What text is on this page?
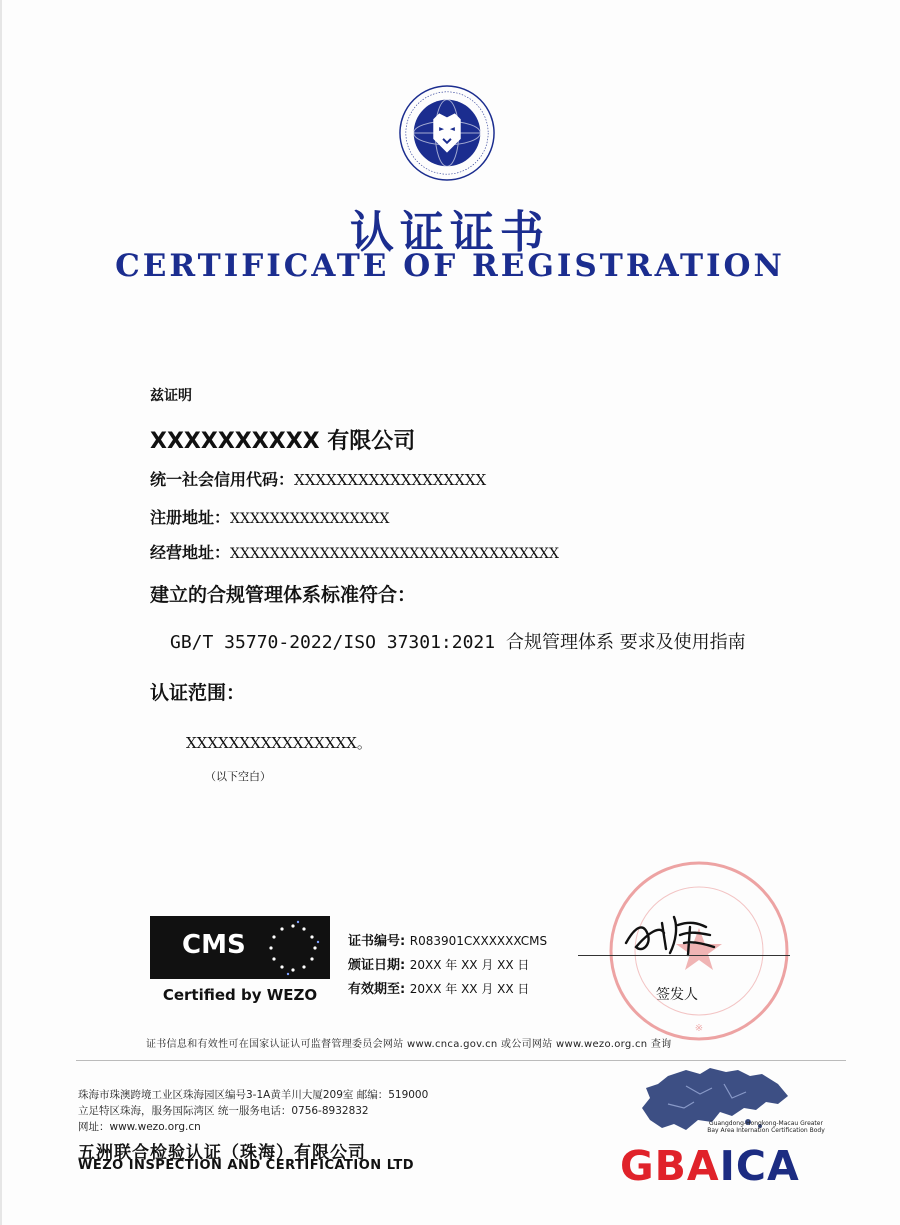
认证证书
CERTIFICATE OF REGISTRATION
兹证明
XXXXXXXXXX 有限公司
统一社会信用代码：XXXXXXXXXXXXXXXXXX
注册地址：XXXXXXXXXXXXXXXX
经营地址：XXXXXXXXXXXXXXXXXXXXXXXXXXXXXXXXX
建立的合规管理体系标准符合：
GB/T 35770-2022/ISO 37301:2021 合规管理体系 要求及使用指南
认证范围：
XXXXXXXXXXXXXXXX。
（以下空白）
CMS
Certified by WEZO
证书编号: R083901CXXXXXXCMS
颁证日期: 20XX 年 XX 月 XX 日
有效期至: 20XX 年 XX 月 XX 日
※
签发人
证书信息和有效性可在国家认证认可监督管理委员会网站 www.cnca.gov.cn 或公司网站 www.wezo.org.cn 查询
珠海市珠澳跨境工业区珠海园区编号3-1A黄羊川大厦209室 邮编：519000
立足特区珠海，服务国际湾区 统一服务电话：0756-8932832
网址：www.wezo.org.cn
五洲联合检验认证（珠海）有限公司
WEZO INSPECTION AND CERTIFICATION LTD
Guangdong-Hongkong-Macau Greater Bay Area Internation Certification Body
GBAICA
